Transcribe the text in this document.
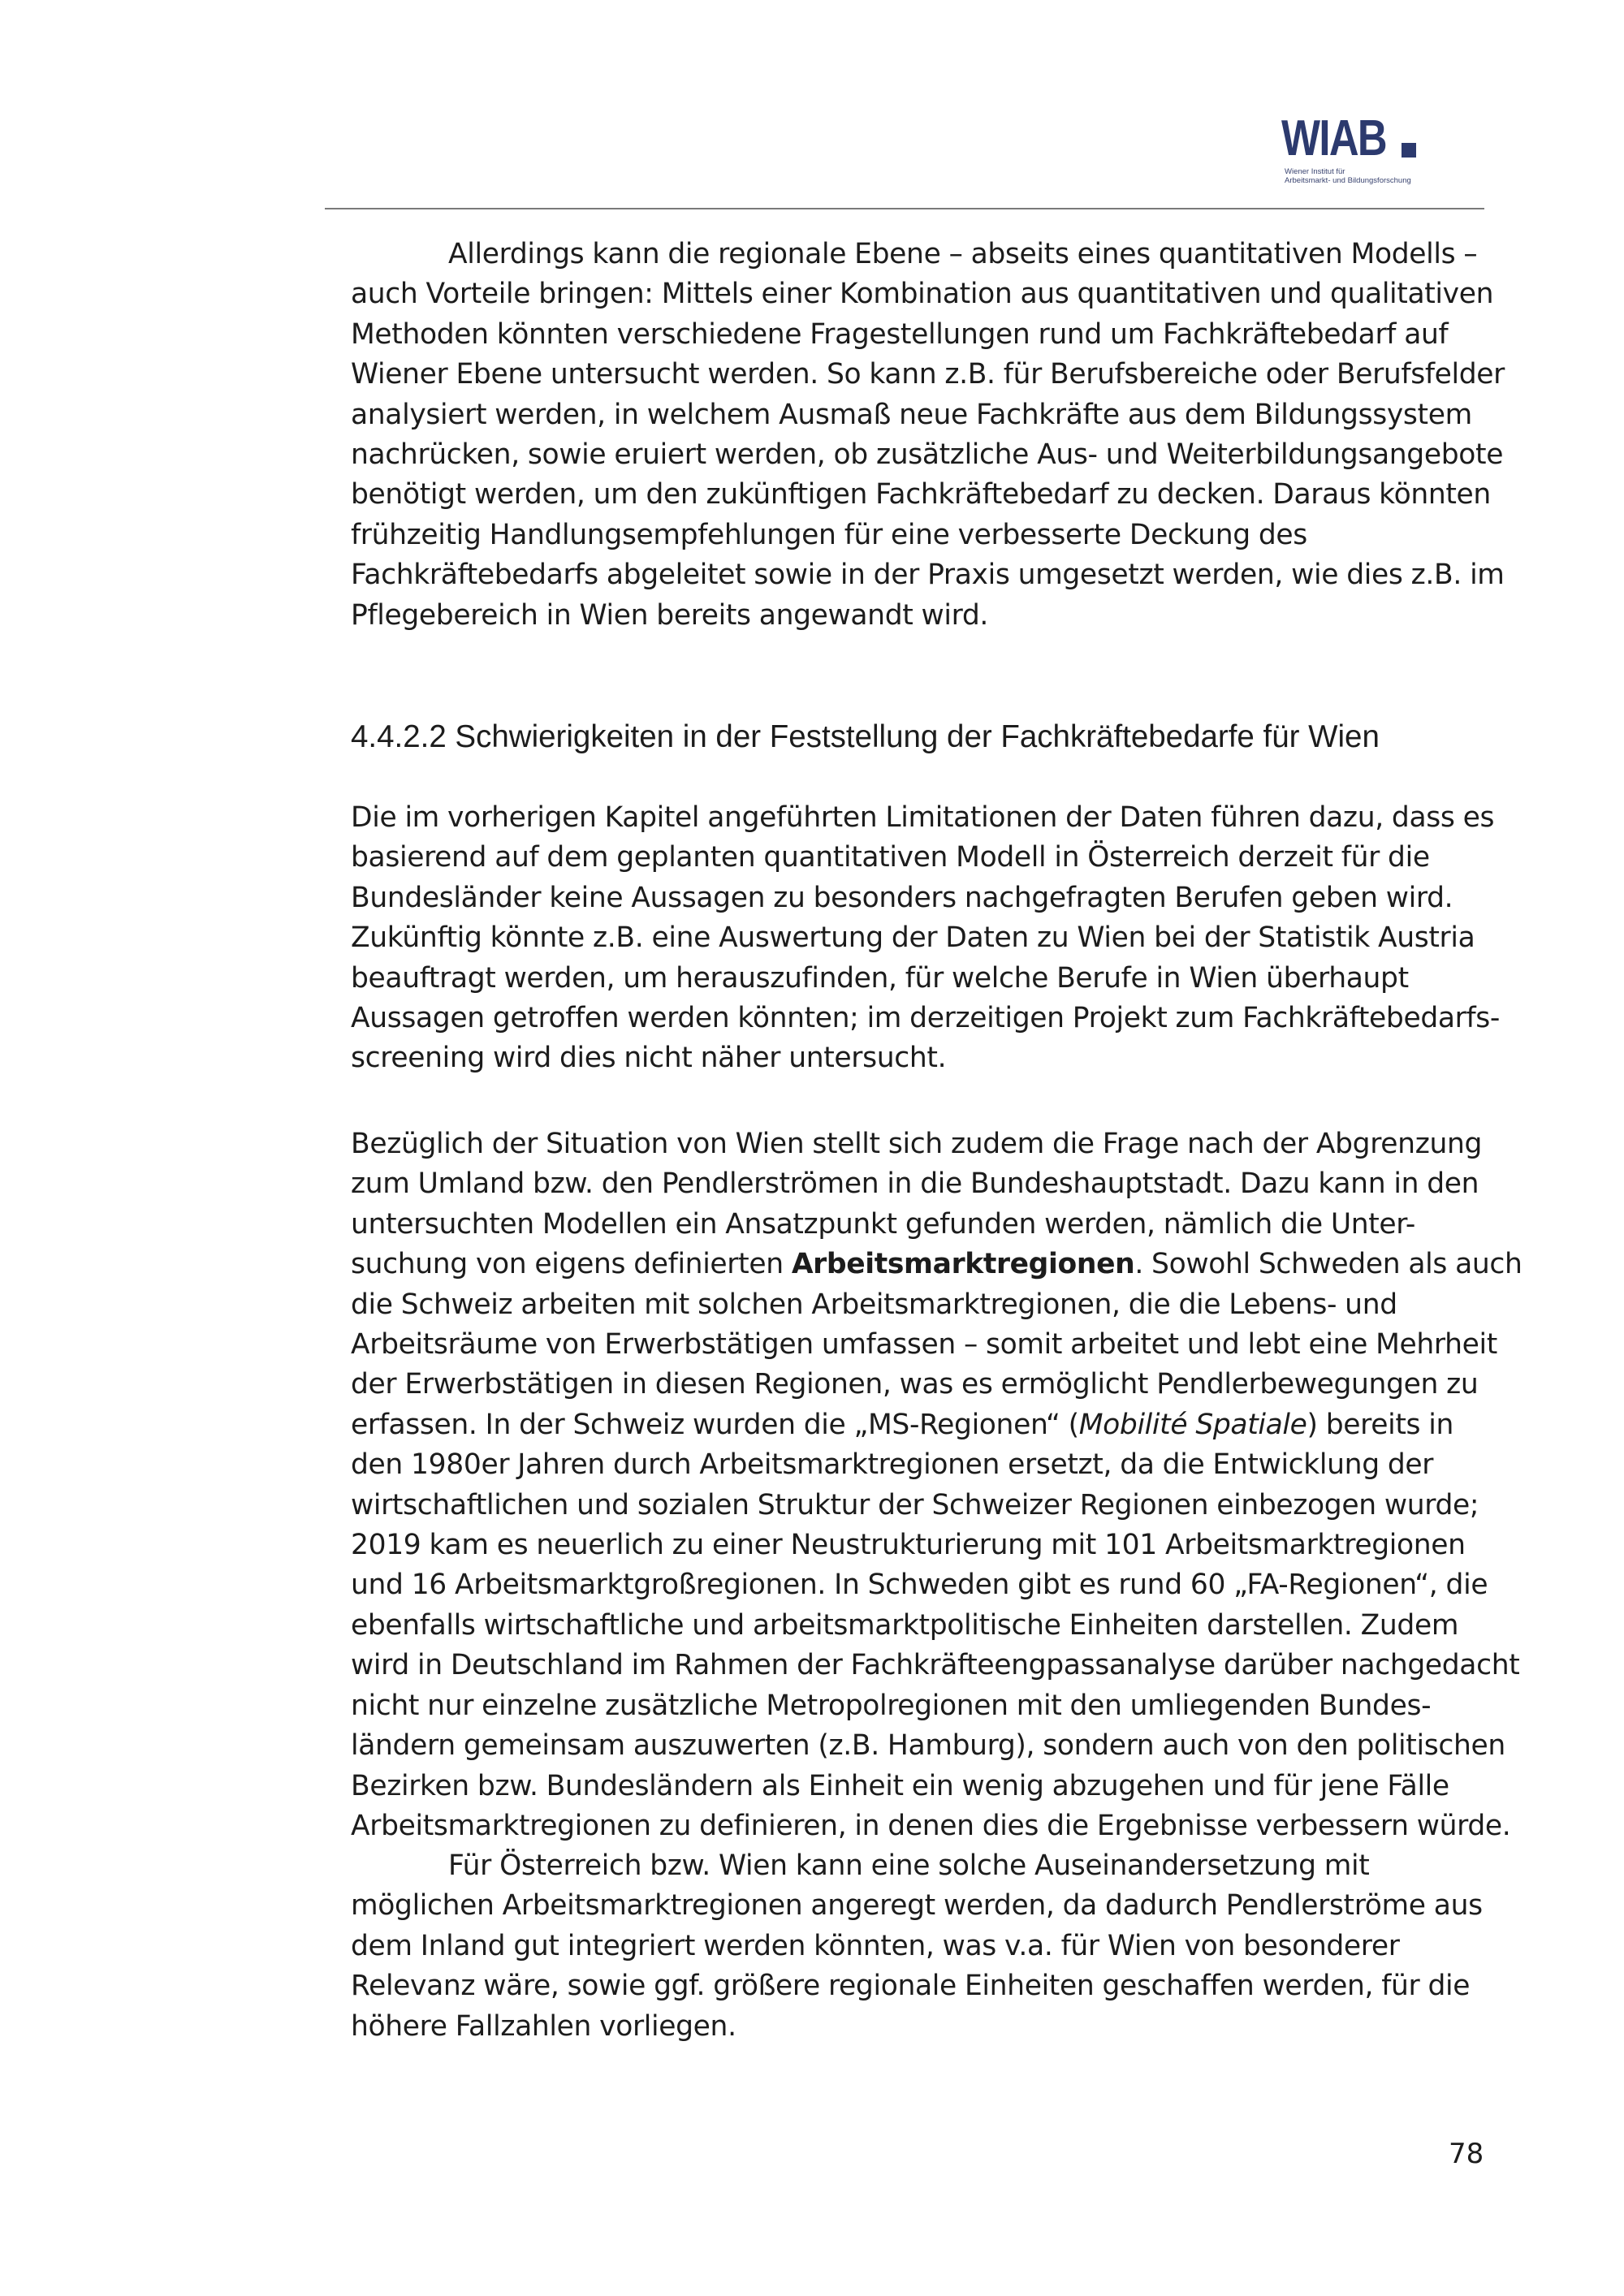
WIAB
Wiener Institut für
Arbeitsmarkt- und Bildungsforschung
Allerdings kann die regionale Ebene – abseits eines quantitativen Modells –
auch Vorteile bringen: Mittels einer Kombination aus quantitativen und qualitativen
Methoden könnten verschiedene Fragestellungen rund um Fachkräftebedarf auf
Wiener Ebene untersucht werden. So kann z.B. für Berufsbereiche oder Berufsfelder
analysiert werden, in welchem Ausmaß neue Fachkräfte aus dem Bildungssystem
nachrücken, sowie eruiert werden, ob zusätzliche Aus- und Weiterbildungsangebote
benötigt werden, um den zukünftigen Fachkräftebedarf zu decken. Daraus könnten
frühzeitig Handlungsempfehlungen für eine verbesserte Deckung des
Fachkräftebedarfs abgeleitet sowie in der Praxis umgesetzt werden, wie dies z.B. im
Pflegebereich in Wien bereits angewandt wird.
4.4.2.2 Schwierigkeiten in der Feststellung der Fachkräftebedarfe für Wien
Die im vorherigen Kapitel angeführten Limitationen der Daten führen dazu, dass es
basierend auf dem geplanten quantitativen Modell in Österreich derzeit für die
Bundesländer keine Aussagen zu besonders nachgefragten Berufen geben wird.
Zukünftig könnte z.B. eine Auswertung der Daten zu Wien bei der Statistik Austria
beauftragt werden, um herauszufinden, für welche Berufe in Wien überhaupt
Aussagen getroffen werden könnten; im derzeitigen Projekt zum Fachkräftebedarfs-
screening wird dies nicht näher untersucht.
Bezüglich der Situation von Wien stellt sich zudem die Frage nach der Abgrenzung
zum Umland bzw. den Pendlerströmen in die Bundeshauptstadt. Dazu kann in den
untersuchten Modellen ein Ansatzpunkt gefunden werden, nämlich die Unter-
suchung von eigens definierten Arbeitsmarktregionen. Sowohl Schweden als auch
die Schweiz arbeiten mit solchen Arbeitsmarktregionen, die die Lebens- und
Arbeitsräume von Erwerbstätigen umfassen – somit arbeitet und lebt eine Mehrheit
der Erwerbstätigen in diesen Regionen, was es ermöglicht Pendlerbewegungen zu
erfassen. In der Schweiz wurden die „MS-Regionen“ (Mobilité Spatiale) bereits in
den 1980er Jahren durch Arbeitsmarktregionen ersetzt, da die Entwicklung der
wirtschaftlichen und sozialen Struktur der Schweizer Regionen einbezogen wurde;
2019 kam es neuerlich zu einer Neustrukturierung mit 101 Arbeitsmarktregionen
und 16 Arbeitsmarktgroßregionen. In Schweden gibt es rund 60 „FA-Regionen“, die
ebenfalls wirtschaftliche und arbeitsmarktpolitische Einheiten darstellen. Zudem
wird in Deutschland im Rahmen der Fachkräfteengpassanalyse darüber nachgedacht
nicht nur einzelne zusätzliche Metropolregionen mit den umliegenden Bundes-
ländern gemeinsam auszuwerten (z.B. Hamburg), sondern auch von den politischen
Bezirken bzw. Bundesländern als Einheit ein wenig abzugehen und für jene Fälle
Arbeitsmarktregionen zu definieren, in denen dies die Ergebnisse verbessern würde.
Für Österreich bzw. Wien kann eine solche Auseinandersetzung mit
möglichen Arbeitsmarktregionen angeregt werden, da dadurch Pendlerströme aus
dem Inland gut integriert werden könnten, was v.a. für Wien von besonderer
Relevanz wäre, sowie ggf. größere regionale Einheiten geschaffen werden, für die
höhere Fallzahlen vorliegen.
78
